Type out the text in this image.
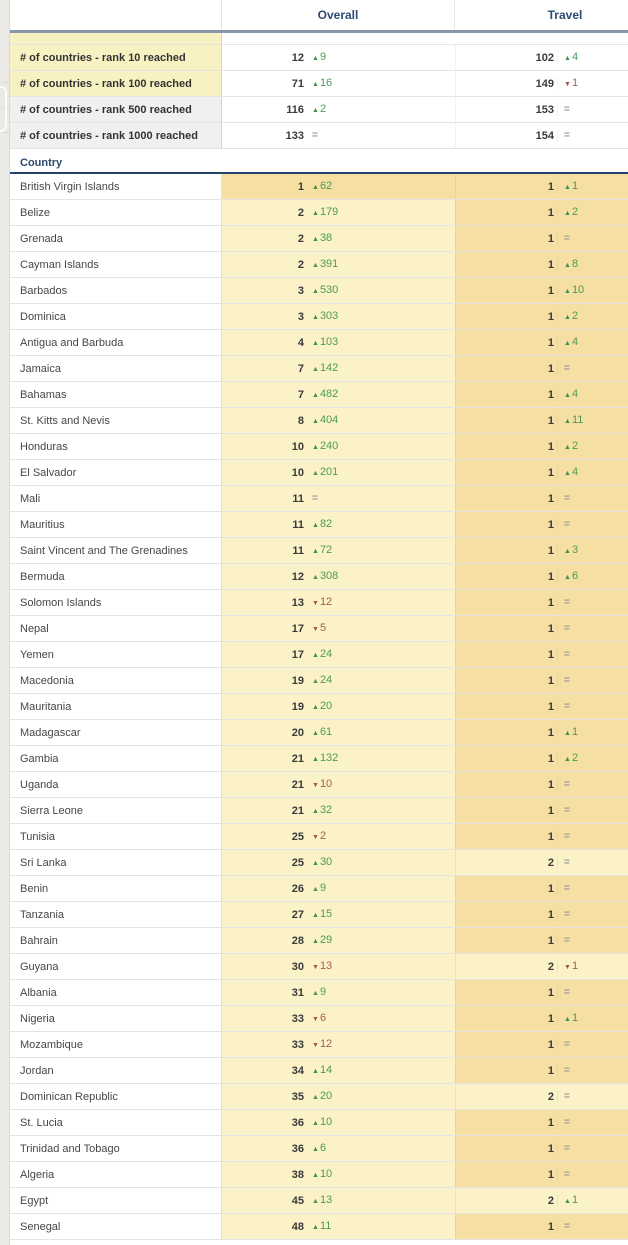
Overall	Travel
# of countries - rank 10 reached	12 ▲ 9	102	▲ 4
# of countries - rank 100 reached	71 ▲ 16	149	▼ 1
# of countries - rank 500 reached	116 ▲ 2	153	=
# of countries - rank 1000 reached	133 =	154	=
Country
British Virgin Islands	1 ▲ 62	1	▲ 1
Belize	2 ▲ 179	1	▲ 2
Grenada	2 ▲ 38	1	=
Cayman Islands	2 ▲ 391	1	▲ 8
Barbados	3 ▲ 530	1	▲ 10
Dominica	3 ▲ 303	1	▲ 2
Antigua and Barbuda	4 ▲ 103	1	▲ 4
Jamaica	7 ▲ 142	1	=
Bahamas	7 ▲ 482	1	▲ 4
St. Kitts and Nevis	8 ▲ 404	1	▲ 11
Honduras	10 ▲ 240	1	▲ 2
El Salvador	10 ▲ 201	1	▲ 4
Mali	11 =	1	=
Mauritius	11 ▲ 82	1	=
Saint Vincent and The Grenadines	11 ▲ 72	1	▲ 3
Bermuda	12 ▲ 308	1	▲ 6
Solomon Islands	13 ▼ 12	1	=
Nepal	17 ▼ 5	1	=
Yemen	17 ▲ 24	1	=
Macedonia	19 ▲ 24	1	=
Mauritania	19 ▲ 20	1	=
Madagascar	20 ▲ 61	1	▲ 1
Gambia	21 ▲ 132	1	▲ 2
Uganda	21 ▼ 10	1	=
Sierra Leone	21 ▲ 32	1	=
Tunisia	25 ▼ 2	1	=
Sri Lanka	25 ▲ 30	2	=
Benin	26 ▲ 9	1	=
Tanzania	27 ▲ 15	1	=
Bahrain	28 ▲ 29	1	=
Guyana	30 ▼ 13	2	▼ 1
Albania	31 ▲ 9	1	=
Nigeria	33 ▼ 6	1	▲ 1
Mozambique	33 ▼ 12	1	=
Jordan	34 ▲ 14	1	=
Dominican Republic	35 ▲ 20	2	=
St. Lucia	36 ▲ 10	1	=
Trinidad and Tobago	36 ▲ 6	1	=
Algeria	38 ▲ 10	1	=
Egypt	45 ▲ 13	2	▲ 1
Senegal	48 ▲ 11	1	=
